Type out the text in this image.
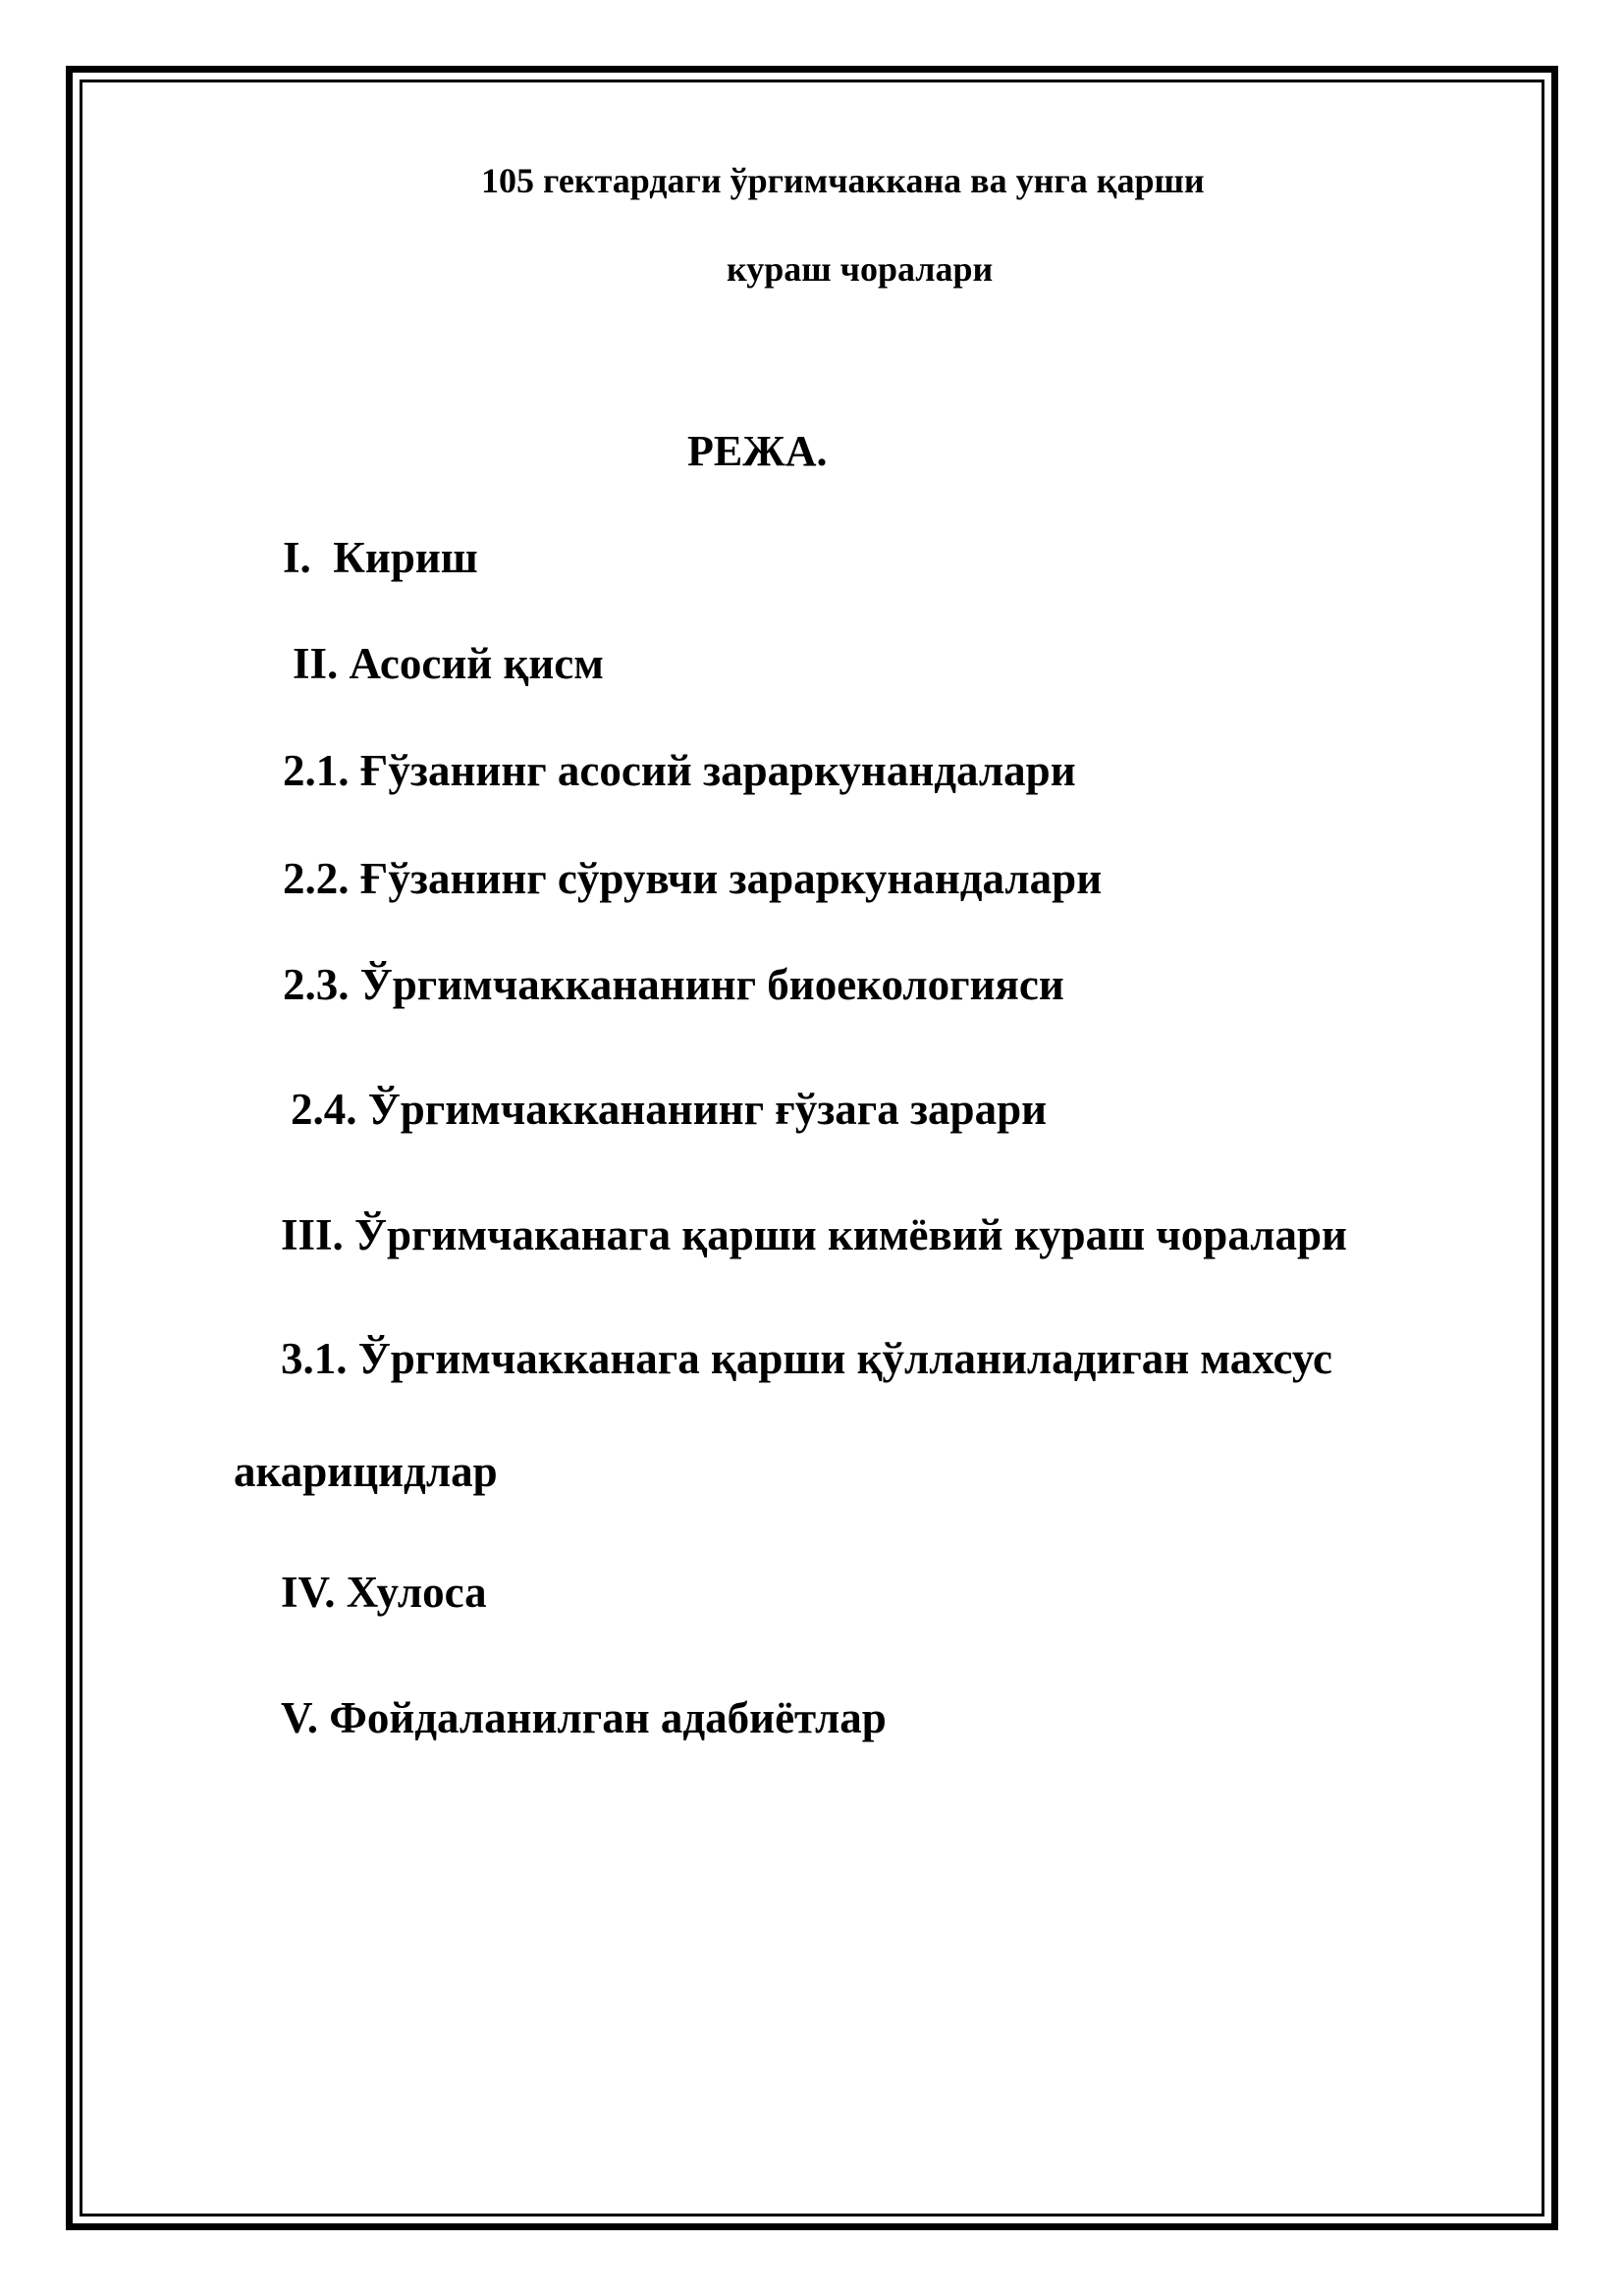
105 гектардаги ўргимчаккана ва унга қарши
кураш чоралари
РЕЖА.
I.  Кириш
II. Асосий қисм
2.1. Ғўзанинг асосий зараркунандалари
2.2. Ғўзанинг сўрувчи зараркунандалари
2.3. Ўргимчаккананинг биоекологияси
2.4. Ўргимчаккананинг ғўзага зарари
III. Ўргимчаканага қарши кимёвий кураш чоралари
3.1. Ўргимчакканага қарши қўлланиладиган махсус
акарицидлар
IV. Хулоса
V. Фойдаланилган адабиётлар
